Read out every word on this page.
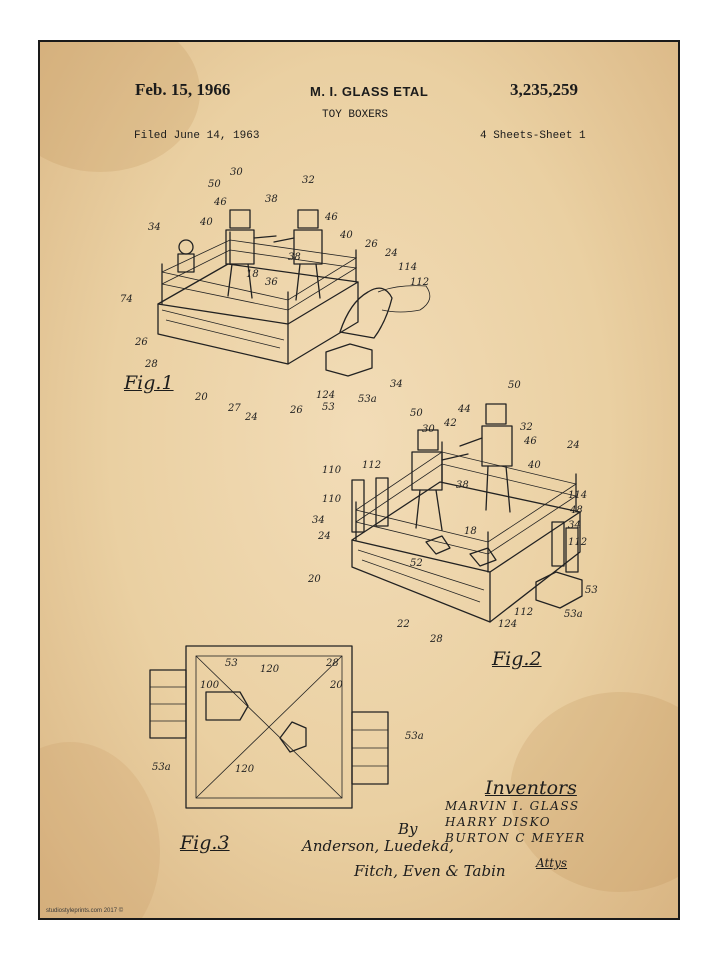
Feb. 15, 1966	M. I. GLASS ETAL	3,235,259
TOY BOXERS
Filed June 14, 1963	4 Sheets-Sheet 1
30
50	32
46	38
34	40	46
40
26
24
114
112
74
18
38
36
26
28
20
27
24
26
124
53
53a
34	50
50	44
42	32
30
46
112	40
24
110
38
110	114
34
48
34
112
24	18
52
20
53
22
28
112
124
53a
53
120
28
100	20
53a
120
53a
Fig.1
Fig.2
Fig.3
Inventors
MARVIN I. GLASS
HARRY DISKO
BURTON C MEYER
By
Anderson, Luedeka,
Fitch, Even & Tabin	Attys
studiostyleprints.com 2017 ©
